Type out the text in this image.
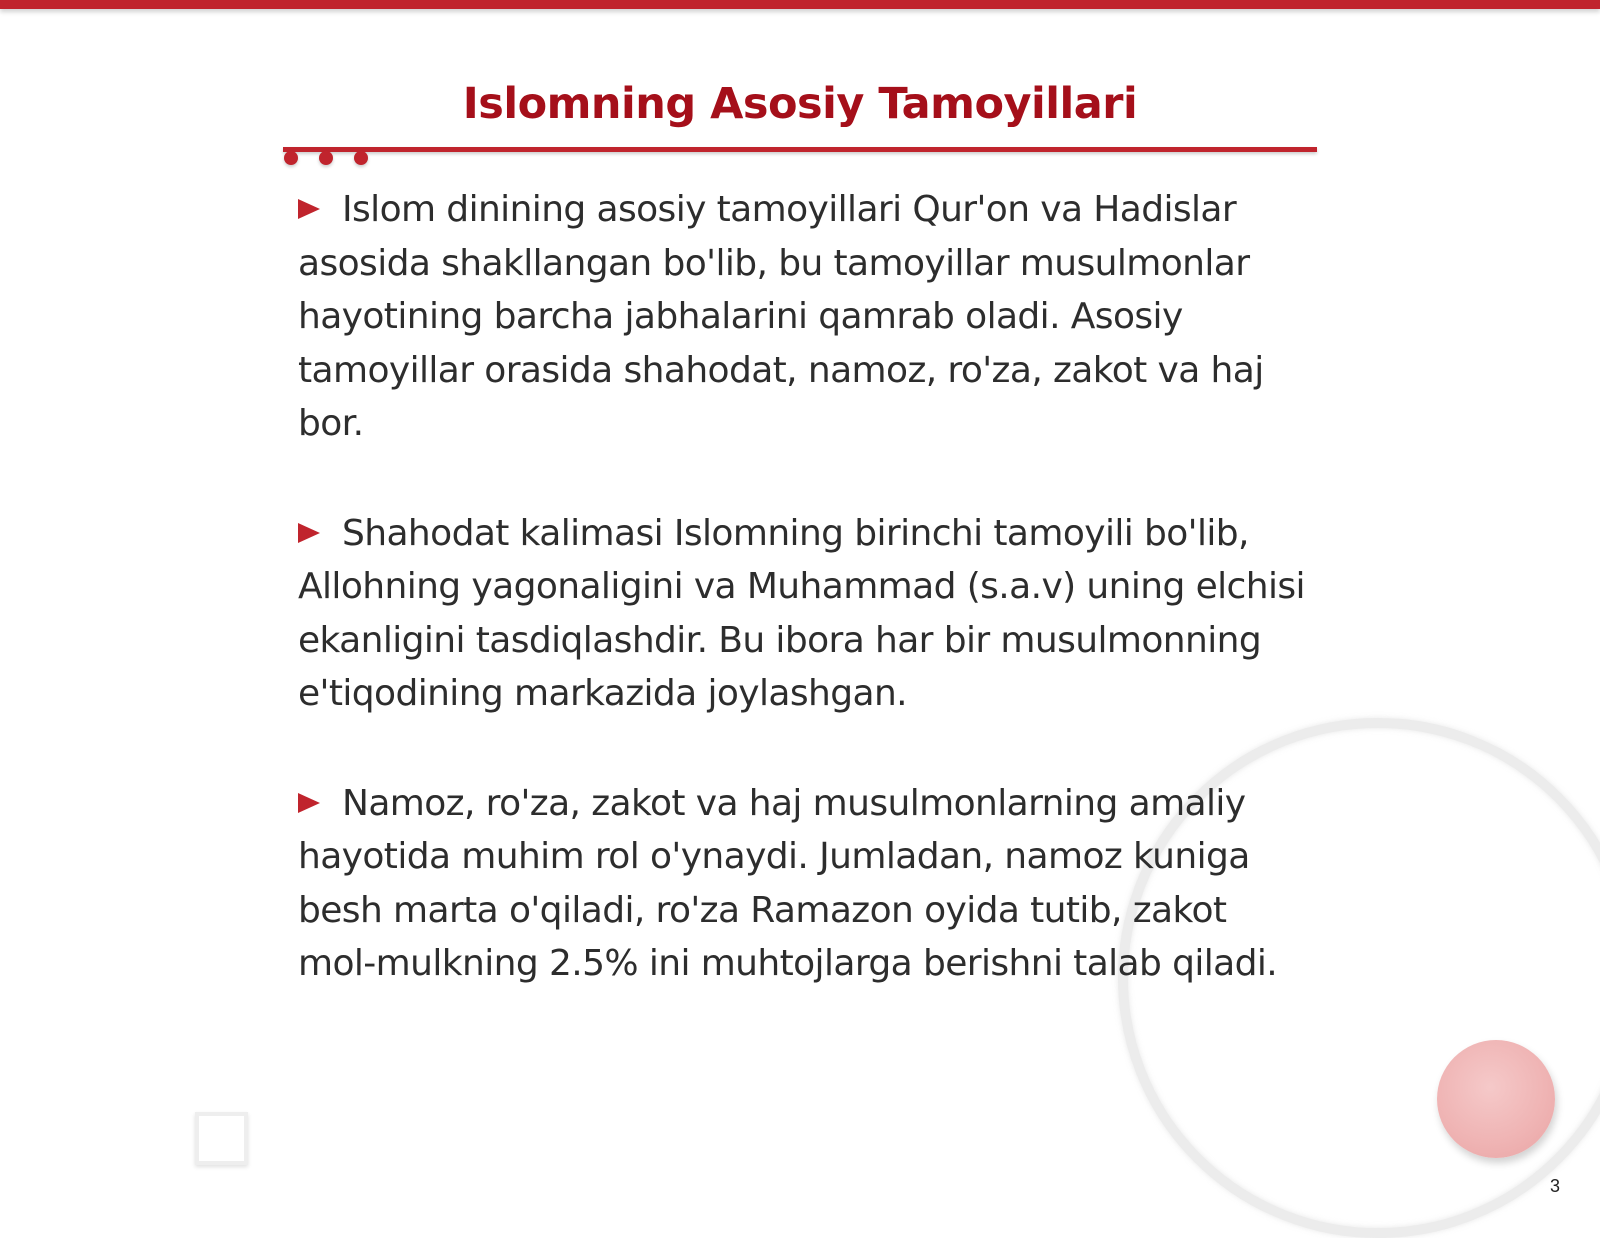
Islomning Asosiy Tamoyillari

Islom dinining asosiy tamoyillari Qur'on va Hadislar asosida shakllangan bo'lib, bu tamoyillar musulmonlar hayotining barcha jabhalarini qamrab oladi. Asosiy tamoyillar orasida shahodat, namoz, ro'za, zakot va haj bor.

Shahodat kalimasi Islomning birinchi tamoyili bo'lib, Allohning yagonaligini va Muhammad (s.a.v) uning elchisi ekanligini tasdiqlashdir. Bu ibora har bir musulmonning e'tiqodining markazida joylashgan.

Namoz, ro'za, zakot va haj musulmonlarning amaliy hayotida muhim rol o'ynaydi. Jumladan, namoz kuniga besh marta o'qiladi, ro'za Ramazon oyida tutib, zakot mol-mulkning 2.5% ini muhtojlarga berishni talab qiladi.

3
